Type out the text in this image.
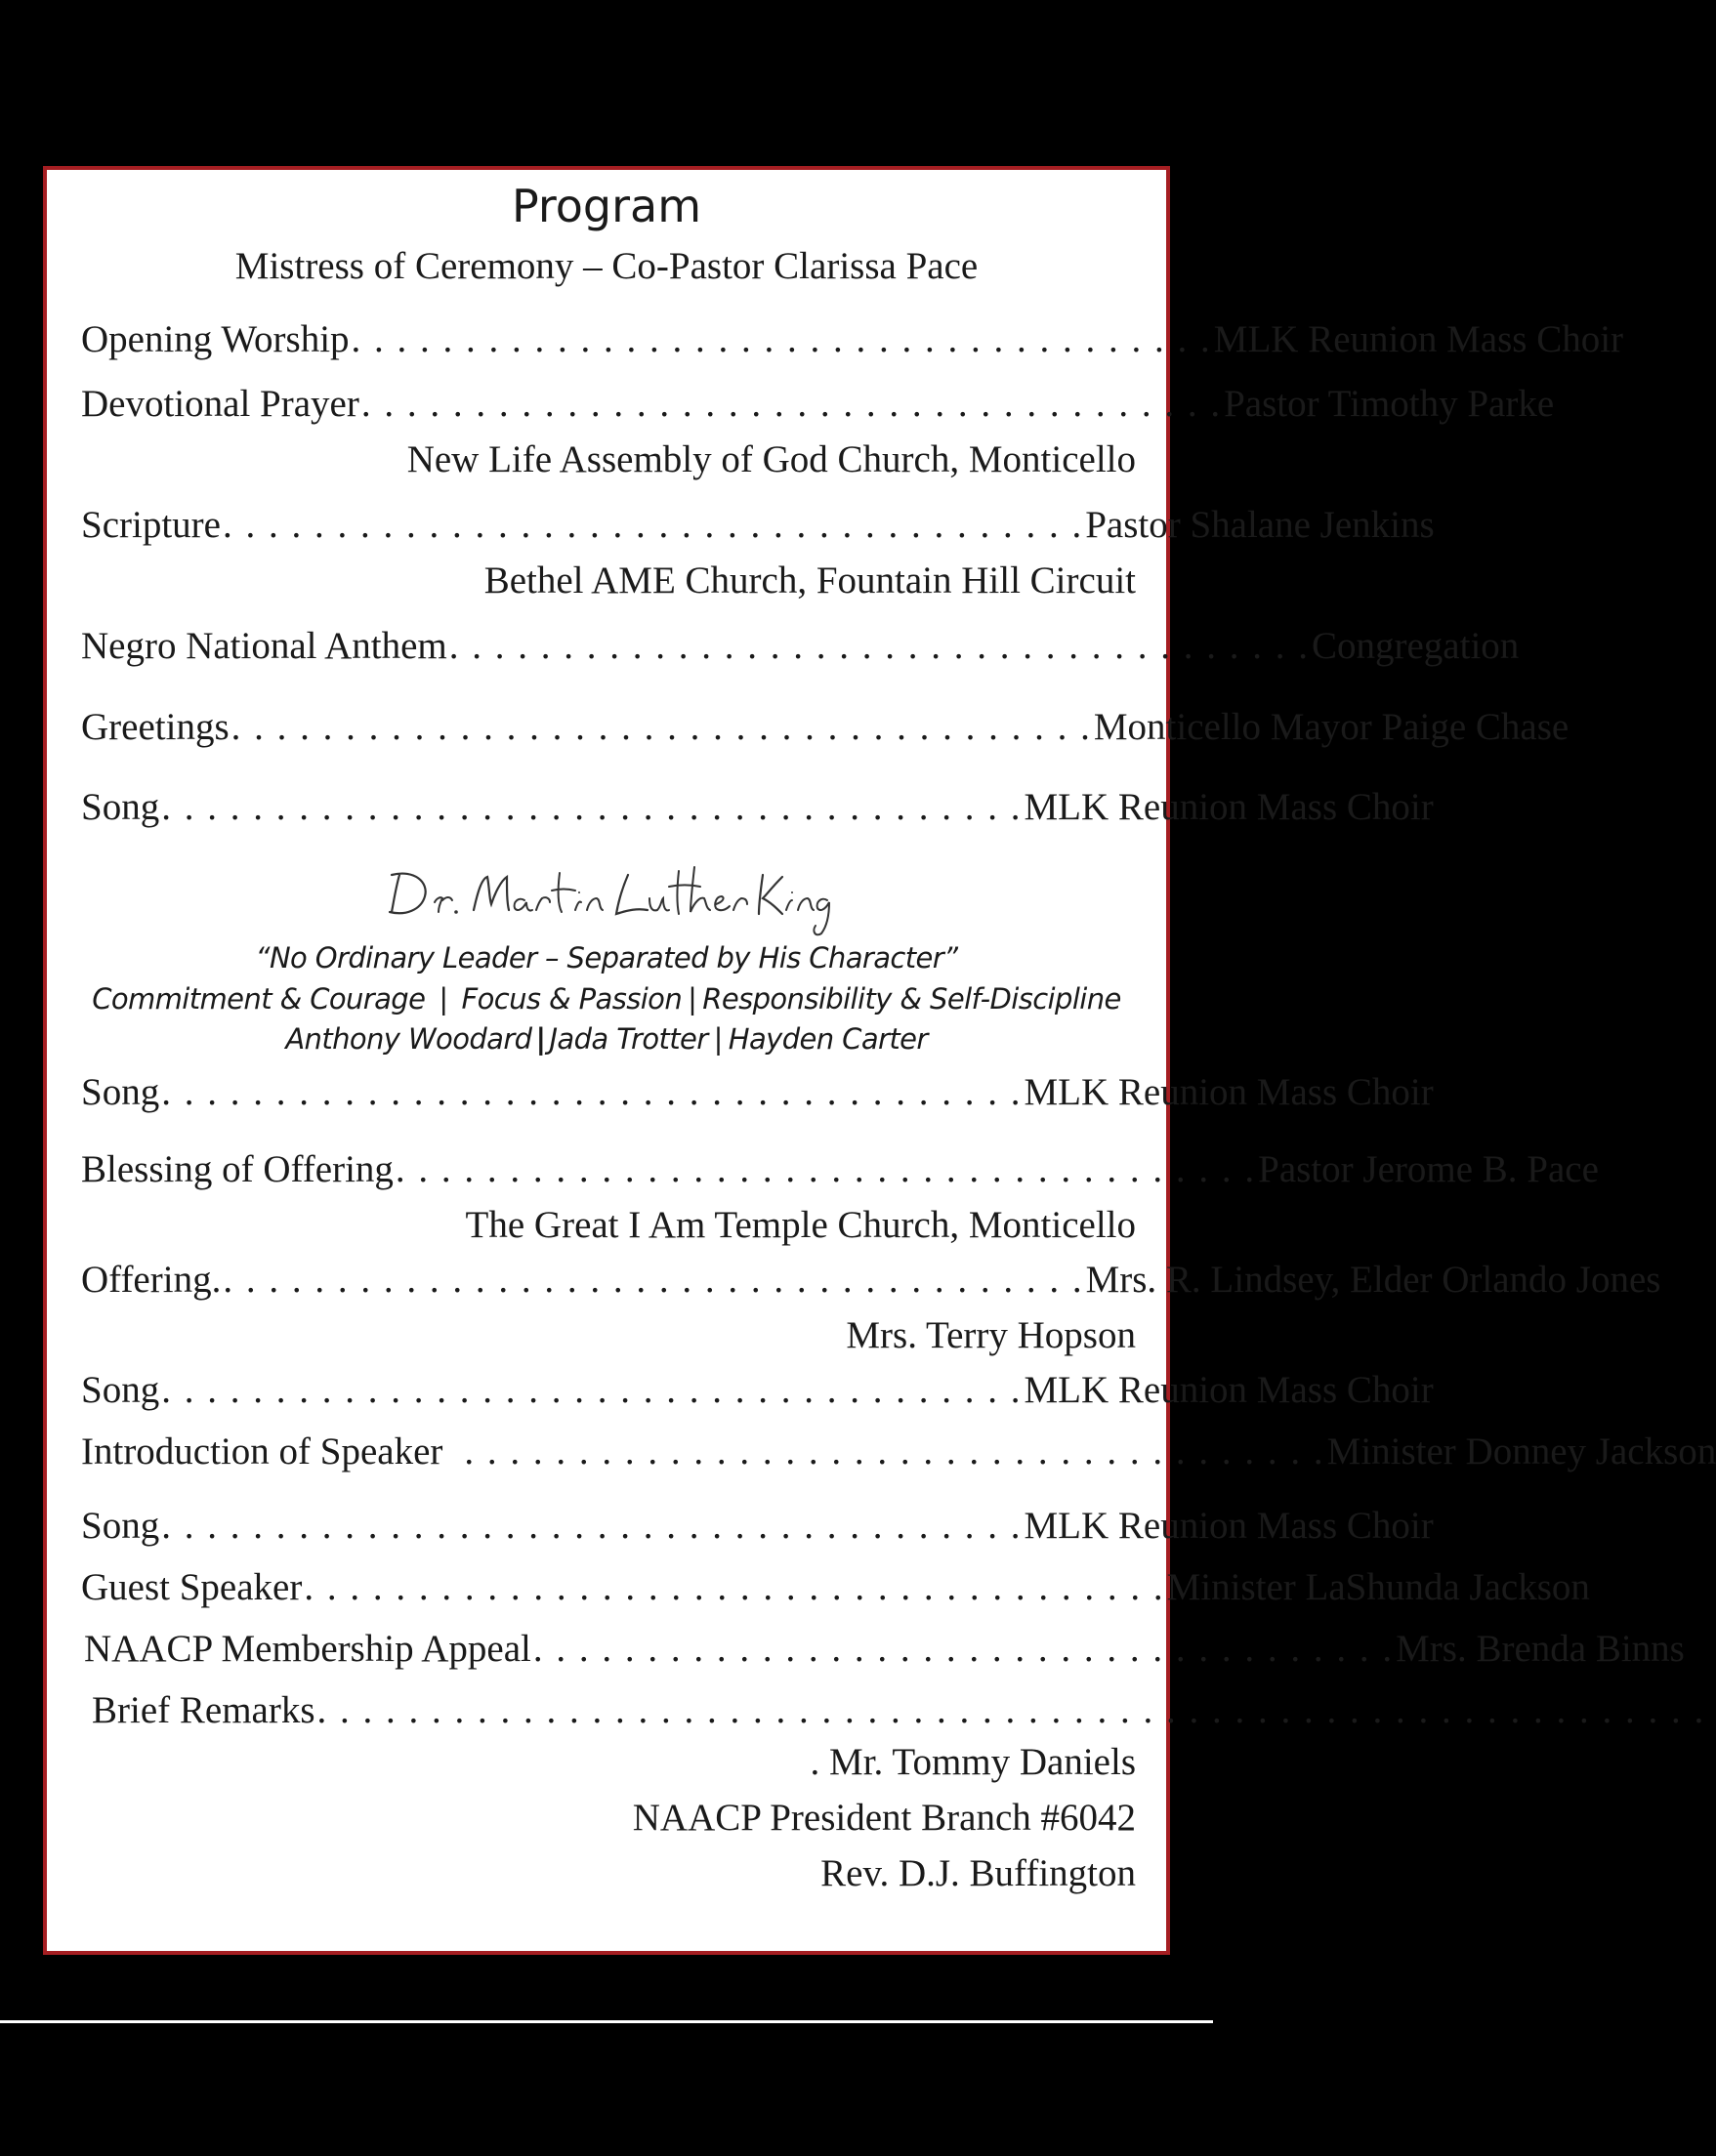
Program
Mistress of Ceremony – Co-Pastor Clarissa Pace
Opening Worship . . . . . . . . . . . . . . . . . . . . . . . . . . . . . . . . . . . . . . MLK Reunion Mass Choir
Devotional Prayer . . . . . . . . . . . . . . . . . . . . . . . . . . . . . . . . . . . . . . Pastor Timothy Parke
New Life Assembly of God Church, Monticello
Scripture . . . . . . . . . . . . . . . . . . . . . . . . . . . . . . . . . . . . . . Pastor Shalane Jenkins
Bethel AME Church, Fountain Hill Circuit
Negro National Anthem . . . . . . . . . . . . . . . . . . . . . . . . . . . . . . . . . . . . . . Congregation
Greetings . . . . . . . . . . . . . . . . . . . . . . . . . . . . . . . . . . . . . . Monticello Mayor Paige Chase
Song . . . . . . . . . . . . . . . . . . . . . . . . . . . . . . . . . . . . . . MLK Reunion Mass Choir
“No Ordinary Leader – Separated by His Character”
Commitment & Courage | Focus & Passion | Responsibility & Self-Discipline
Anthony Woodard | Jada Trotter | Hayden Carter
Song . . . . . . . . . . . . . . . . . . . . . . . . . . . . . . . . . . . . . . MLK Reunion Mass Choir
Blessing of Offering . . . . . . . . . . . . . . . . . . . . . . . . . . . . . . . . . . . . . . Pastor Jerome B. Pace
The Great I Am Temple Church, Monticello
Offering. . . . . . . . . . . . . . . . . . . . . . . . . . . . . . . . . . . . . . . Mrs. R. Lindsey, Elder Orlando Jones
Mrs. Terry Hopson
Song . . . . . . . . . . . . . . . . . . . . . . . . . . . . . . . . . . . . . . MLK Reunion Mass Choir
Introduction of Speaker . . . . . . . . . . . . . . . . . . . . . . . . . . . . . . . . . . . . . . Minister Donney Jackson
Song . . . . . . . . . . . . . . . . . . . . . . . . . . . . . . . . . . . . . . MLK Reunion Mass Choir
Guest Speaker . . . . . . . . . . . . . . . . . . . . . . . . . . . . . . . . . . . . . . Minister LaShunda Jackson
NAACP Membership Appeal . . . . . . . . . . . . . . . . . . . . . . . . . . . . . . . . . . . . . . Mrs. Brenda Binns
Brief Remarks . . . . . . . . . . . . . . . . . . . . . . . . . . . . . . . . . . . . . . . . . . . . . . . . . . . . . . . . . . . . .
. Mr. Tommy Daniels
NAACP President Branch #6042
Rev. D.J. Buffington
